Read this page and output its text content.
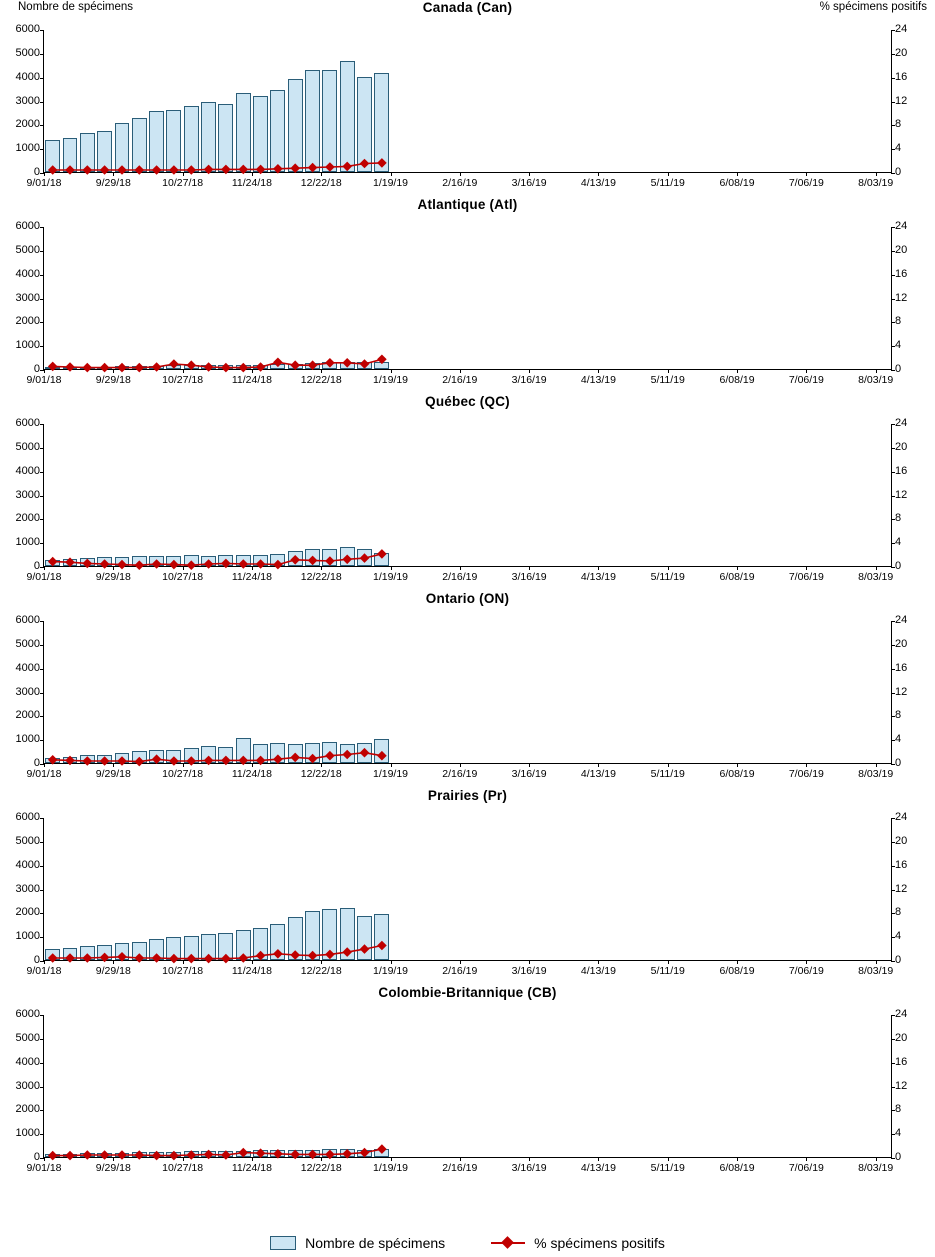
Canada (Can)
Nombre de spécimens	% spécimens positifs
0
1000
2000
3000
4000
5000
6000
0
4
8
12
16
20
24
9/01/18	9/29/18	10/27/18	11/24/18	12/22/18	1/19/19	2/16/19	3/16/19	4/13/19	5/11/19	6/08/19	7/06/19	8/03/19
Atlantique (Atl)
0
1000
2000
3000
4000
5000
6000
0
4
8
12
16
20
24
9/01/18	9/29/18	10/27/18	11/24/18	12/22/18	1/19/19	2/16/19	3/16/19	4/13/19	5/11/19	6/08/19	7/06/19	8/03/19
Québec (QC)
0
1000
2000
3000
4000
5000
6000
0
4
8
12
16
20
24
9/01/18	9/29/18	10/27/18	11/24/18	12/22/18	1/19/19	2/16/19	3/16/19	4/13/19	5/11/19	6/08/19	7/06/19	8/03/19
Ontario (ON)
0
1000
2000
3000
4000
5000
6000
0
4
8
12
16
20
24
9/01/18	9/29/18	10/27/18	11/24/18	12/22/18	1/19/19	2/16/19	3/16/19	4/13/19	5/11/19	6/08/19	7/06/19	8/03/19
Prairies (Pr)
0
1000
2000
3000
4000
5000
6000
0
4
8
12
16
20
24
9/01/18	9/29/18	10/27/18	11/24/18	12/22/18	1/19/19	2/16/19	3/16/19	4/13/19	5/11/19	6/08/19	7/06/19	8/03/19
Colombie-Britannique (CB)
0
1000
2000
3000
4000
5000
6000
0
4
8
12
16
20
24
9/01/18	9/29/18	10/27/18	11/24/18	12/22/18	1/19/19	2/16/19	3/16/19	4/13/19	5/11/19	6/08/19	7/06/19	8/03/19
Nombre de spécimens	% spécimens positifs
